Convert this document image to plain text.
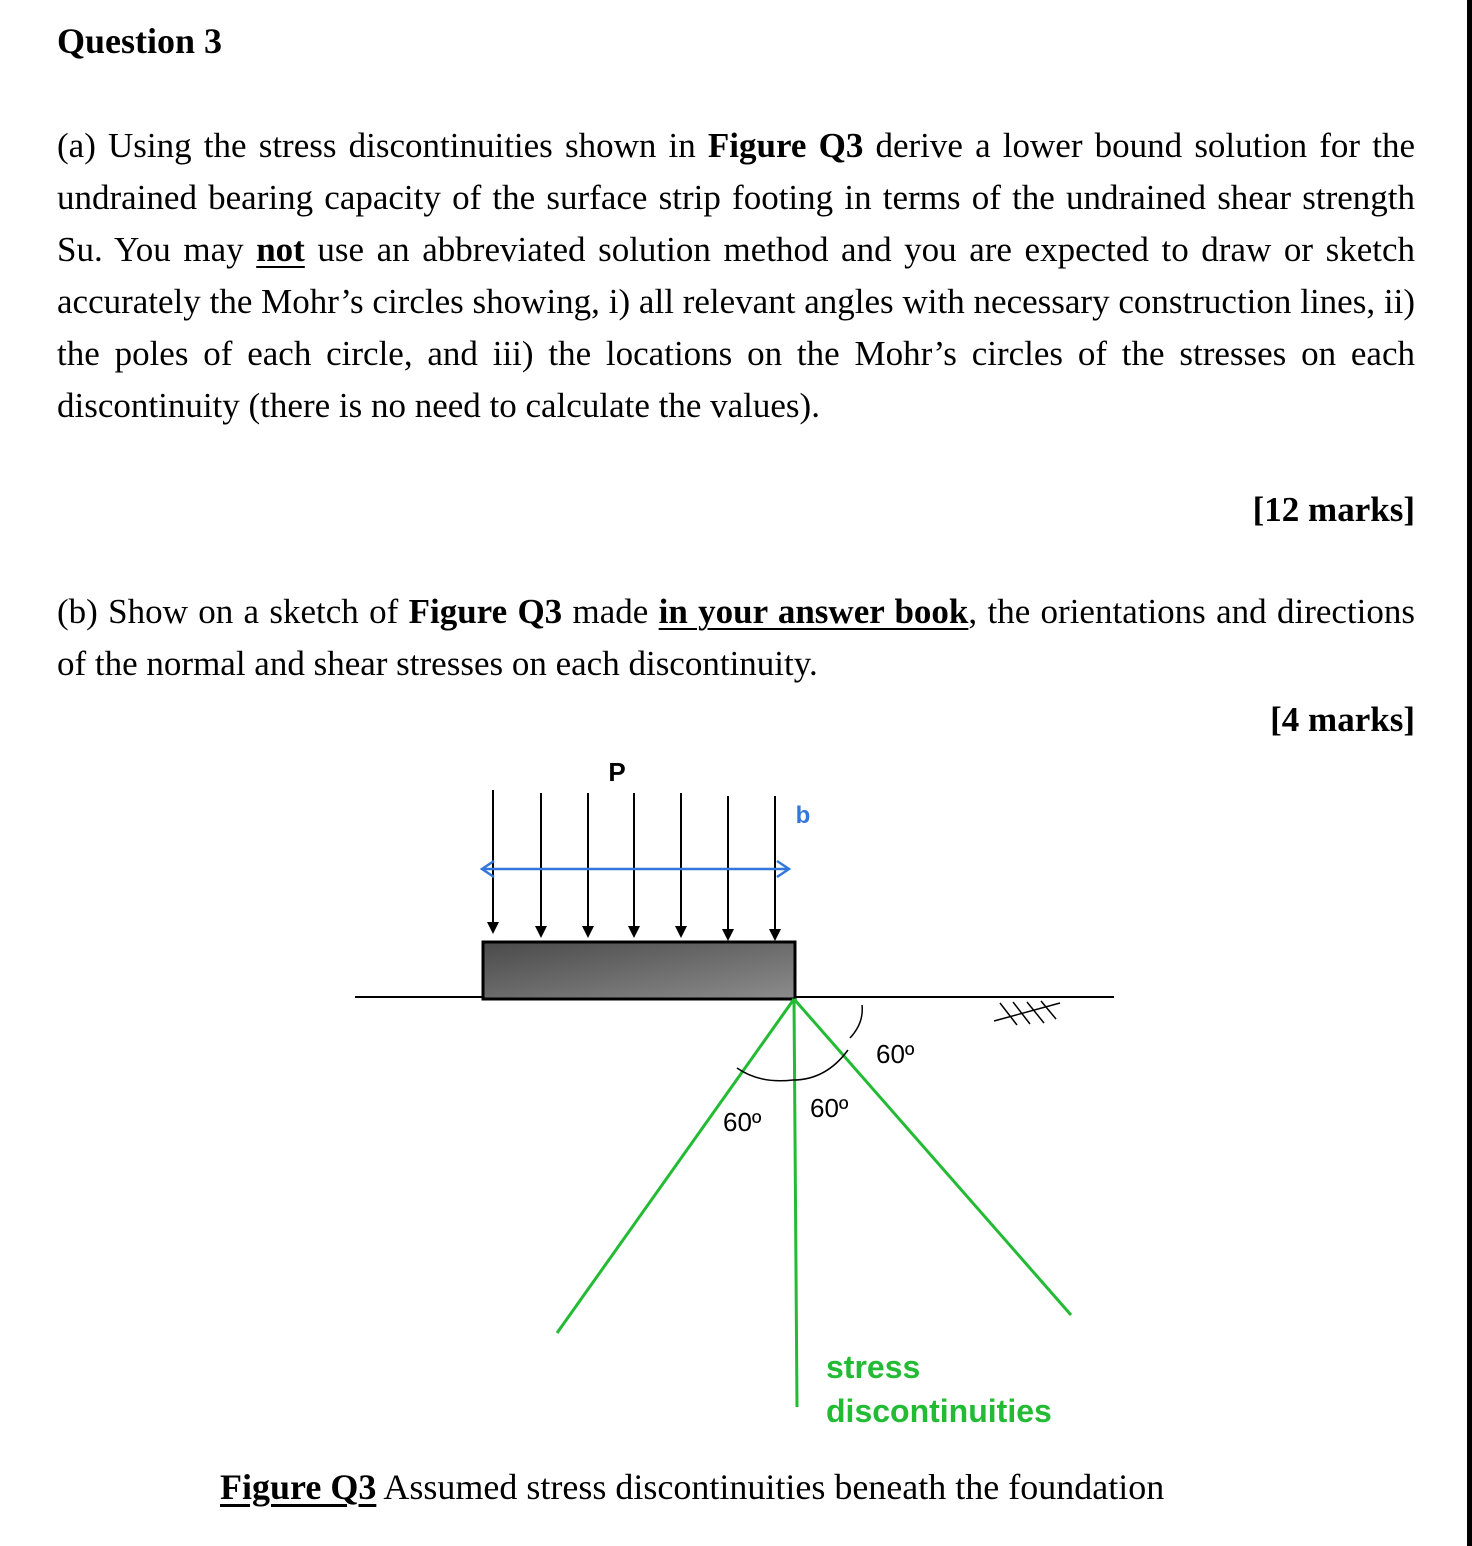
Question 3

(a) Using the stress discontinuities shown in Figure Q3 derive a lower bound solution for the undrained bearing capacity of the surface strip footing in terms of the undrained shear strength Su. You may not use an abbreviated solution method and you are expected to draw or sketch accurately the Mohr’s circles showing, i) all relevant angles with necessary construction lines, ii) the poles of each circle, and iii) the locations on the Mohr’s circles of the stresses on each discontinuity (there is no need to calculate the values).

[12 marks]

(b) Show on a sketch of Figure Q3 made in your answer book, the orientations and directions of the normal and shear stresses on each discontinuity.

[4 marks]

P
b
60º
60º 60º
stress
discontinuities

Figure Q3 Assumed stress discontinuities beneath the foundation
